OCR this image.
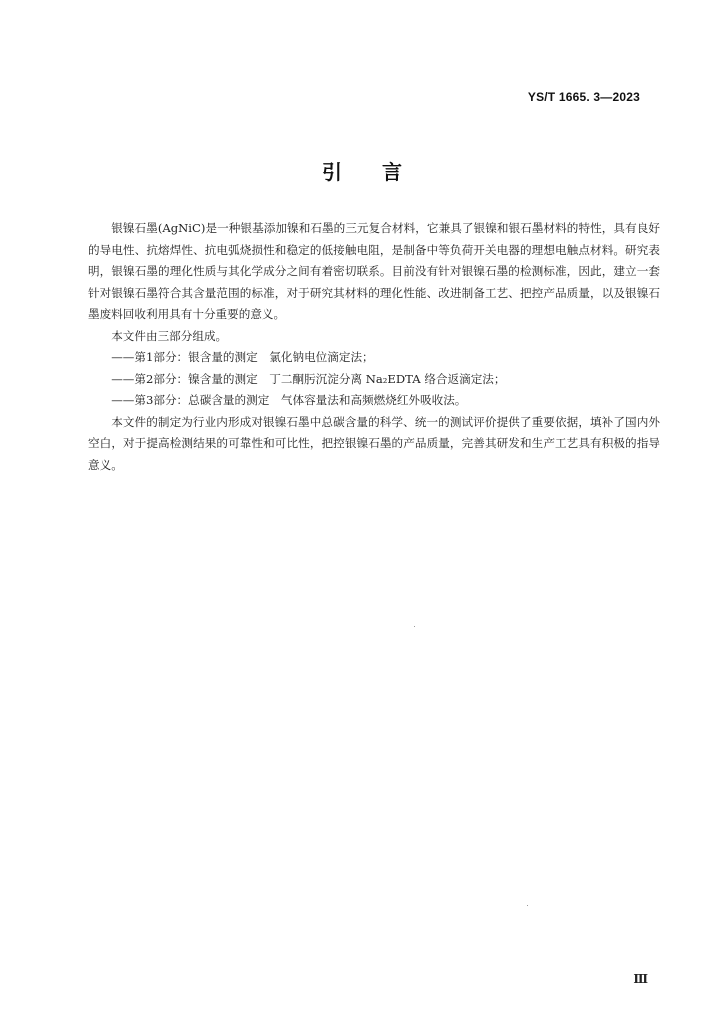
YS/T 1665. 3—2023
引言

银镍石墨(AgNiC)是一种银基添加镍和石墨的三元复合材料，它兼具了银镍和银石墨材料的特性，具有良好的导电性、抗熔焊性、抗电弧烧损性和稳定的低接触电阻，是制备中等负荷开关电器的理想电触点材料。研究表明，银镍石墨的理化性质与其化学成分之间有着密切联系。目前没有针对银镍石墨的检测标准，因此，建立一套针对银镍石墨符合其含量范围的标准，对于研究其材料的理化性能、改进制备工艺、把控产品质量，以及银镍石墨废料回收利用具有十分重要的意义。

本文件由三部分组成。

——第1部分：银含量的测定　氯化钠电位滴定法；

——第2部分：镍含量的测定　丁二酮肟沉淀分离 Na₂EDTA 络合返滴定法；

——第3部分：总碳含量的测定　气体容量法和高频燃烧红外吸收法。

本文件的制定为行业内形成对银镍石墨中总碳含量的科学、统一的测试评价提供了重要依据，填补了国内外空白，对于提高检测结果的可靠性和可比性，把控银镍石墨的产品质量，完善其研发和生产工艺具有积极的指导意义。

Ⅲ
